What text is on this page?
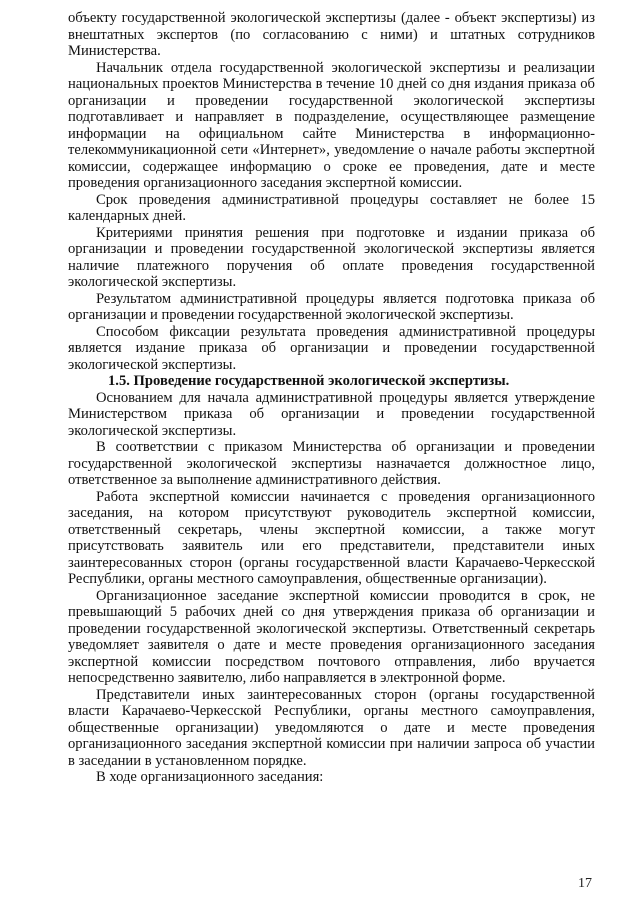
объекту государственной экологической экспертизы (далее - объект экспертизы) из внештатных экспертов (по согласованию с ними) и штатных сотрудников Министерства.

Начальник отдела государственной экологической экспертизы и реализации национальных проектов Министерства в течение 10 дней со дня издания приказа об организации и проведении государственной экологической экспертизы подготавливает и направляет в подразделение, осуществляющее размещение информации на официальном сайте Министерства в информационно-телекоммуникационной сети «Интернет», уведомление о начале работы экспертной комиссии, содержащее информацию о сроке ее проведения, дате и месте проведения организационного заседания экспертной комиссии.

Срок проведения административной процедуры составляет не более 15 календарных дней.

Критериями принятия решения при подготовке и издании приказа об организации и проведении государственной экологической экспертизы является наличие платежного поручения об оплате проведения государственной экологической экспертизы.

Результатом административной процедуры является подготовка приказа об организации и проведении государственной экологической экспертизы.

Способом фиксации результата проведения административной процедуры является издание приказа об организации и проведении государственной экологической экспертизы.

1.5. Проведение государственной экологической экспертизы.

Основанием для начала административной процедуры является утверждение Министерством приказа об организации и проведении государственной экологической экспертизы.

В соответствии с приказом Министерства об организации и проведении государственной экологической экспертизы назначается должностное лицо, ответственное за выполнение административного действия.

Работа экспертной комиссии начинается с проведения организационного заседания, на котором присутствуют руководитель экспертной комиссии, ответственный секретарь, члены экспертной комиссии, а также могут присутствовать заявитель или его представители, представители иных заинтересованных сторон (органы государственной власти Карачаево-Черкесской Республики, органы местного самоуправления, общественные организации).

Организационное заседание экспертной комиссии проводится в срок, не превышающий 5 рабочих дней со дня утверждения приказа об организации и проведении государственной экологической экспертизы. Ответственный секретарь уведомляет заявителя о дате и месте проведения организационного заседания экспертной комиссии посредством почтового отправления, либо вручается непосредственно заявителю, либо направляется в электронной форме.

Представители иных заинтересованных сторон (органы государственной власти Карачаево-Черкесской Республики, органы местного самоуправления, общественные организации) уведомляются о дате и месте проведения организационного заседания экспертной комиссии при наличии запроса об участии в заседании в установленном порядке.

В ходе организационного заседания:

17
